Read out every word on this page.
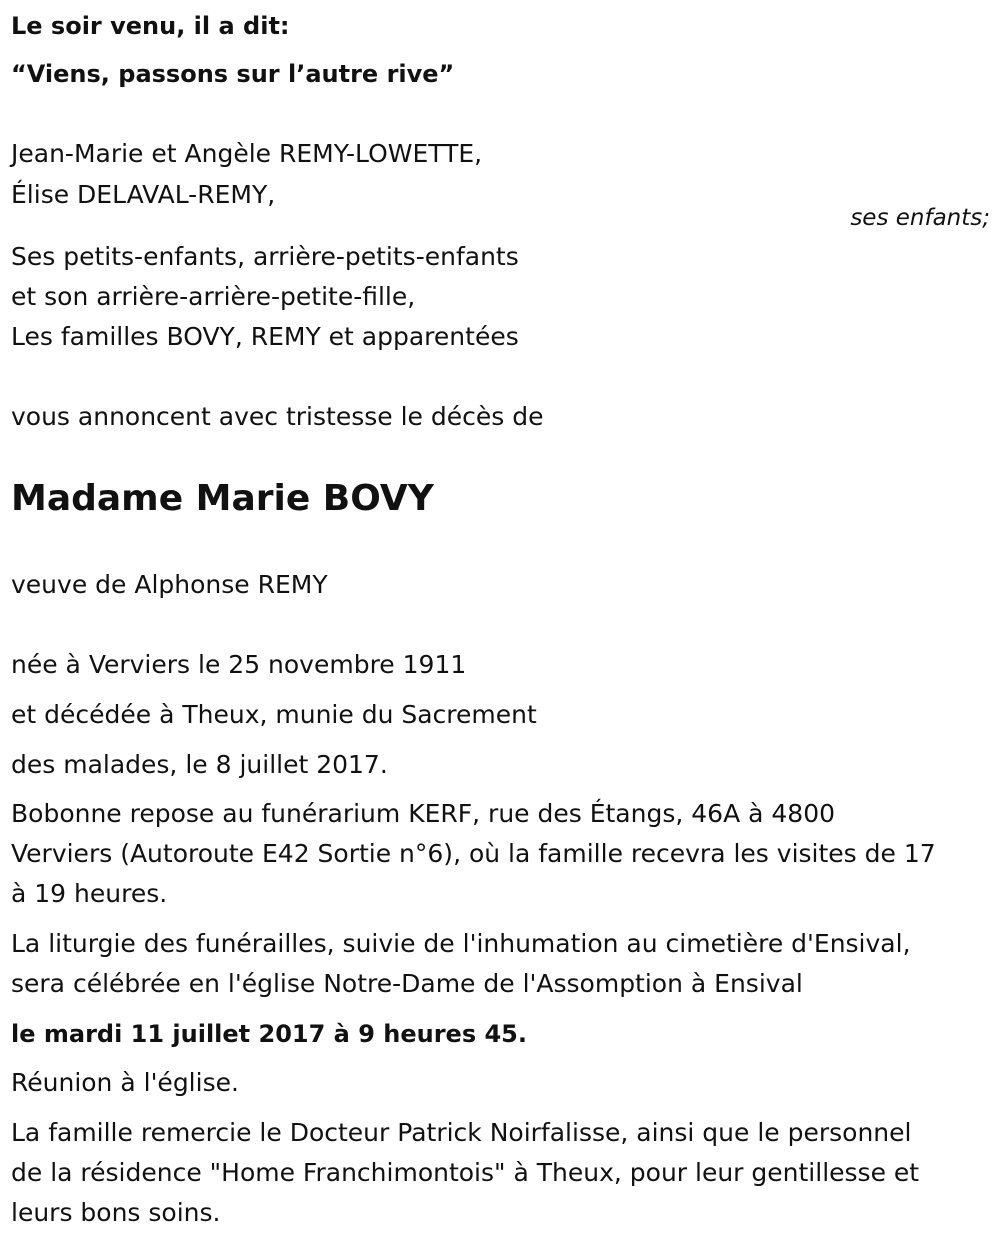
Le soir venu, il a dit:
“Viens, passons sur l’autre rive”
Jean-Marie et Angèle REMY-LOWETTE,
Élise DELAVAL-REMY,
ses enfants;
Ses petits-enfants, arrière-petits-enfants
et son arrière-arrière-petite-fille,
Les familles BOVY, REMY et apparentées
vous annoncent avec tristesse le décès de
Madame Marie BOVY
veuve de Alphonse REMY
née à Verviers le 25 novembre 1911
et décédée à Theux, munie du Sacrement
des malades, le 8 juillet 2017.
Bobonne repose au funérarium KERF, rue des Étangs, 46A à 4800
Verviers (Autoroute E42 Sortie n°6), où la famille recevra les visites de 17
à 19 heures.
La liturgie des funérailles, suivie de l'inhumation au cimetière d'Ensival,
sera célébrée en l'église Notre-Dame de l'Assomption à Ensival
le mardi 11 juillet 2017 à 9 heures 45.
Réunion à l'église.
La famille remercie le Docteur Patrick Noirfalisse, ainsi que le personnel
de la résidence "Home Franchimontois" à Theux, pour leur gentillesse et
leurs bons soins.
